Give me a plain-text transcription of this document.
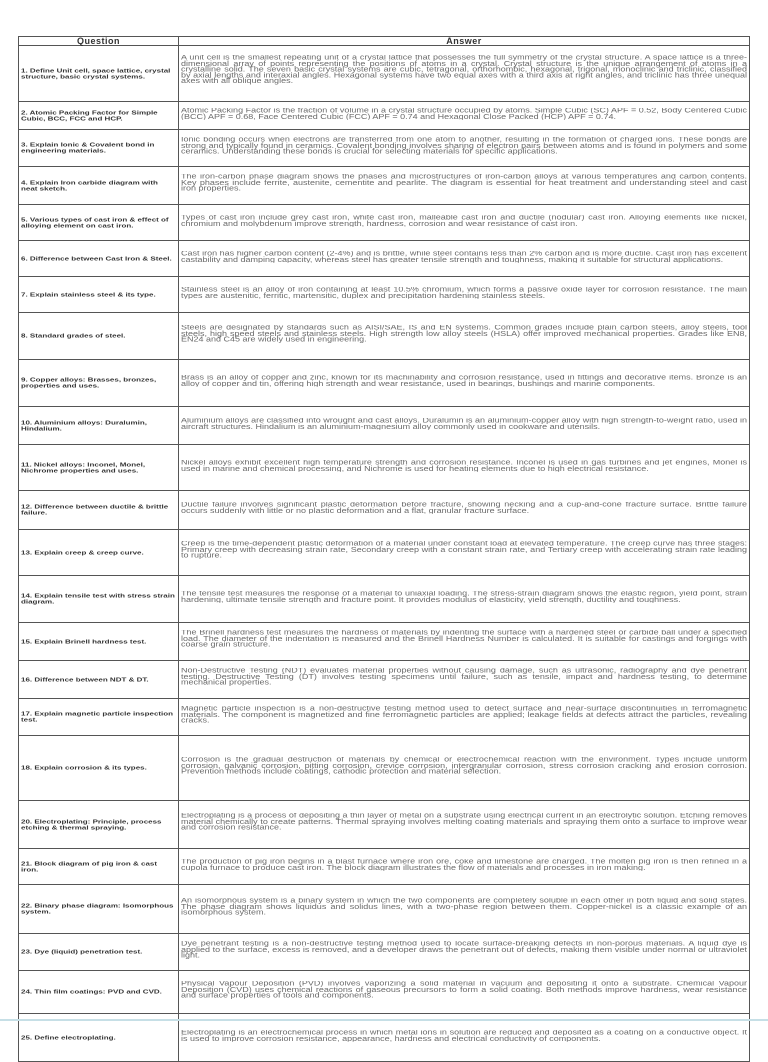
Question	Answer

1. Define Unit cell, space lattice, crystal structure, basic crystal systems.	A unit cell is the smallest repeating unit of a crystal lattice that possesses the full symmetry of the crystal structure. A space lattice is a three-dimensional array of points representing the positions of atoms in a crystal. Crystal structure is the unique arrangement of atoms in a crystalline solid. The seven basic crystal systems are cubic, tetragonal, orthorhombic, hexagonal, trigonal, monoclinic and triclinic, classified by axial lengths and interaxial angles. Hexagonal systems have two equal axes with a third axis at right angles, and triclinic has three unequal axes with all oblique angles.

2. Atomic Packing Factor for Simple Cubic, BCC, FCC and HCP.	Atomic Packing Factor is the fraction of volume in a crystal structure occupied by atoms. Simple Cubic (SC) APF = 0.52, Body Centered Cubic (BCC) APF = 0.68, Face Centered Cubic (FCC) APF = 0.74 and Hexagonal Close Packed (HCP) APF = 0.74.

3. Explain Ionic & Covalent bond in engineering materials.	Ionic bonding occurs when electrons are transferred from one atom to another, resulting in the formation of charged ions. These bonds are strong and typically found in ceramics. Covalent bonding involves sharing of electron pairs between atoms and is found in polymers and some ceramics. Understanding these bonds is crucial for selecting materials for specific applications.

4. Explain Iron carbide diagram with neat sketch.	The iron-carbon phase diagram shows the phases and microstructures of iron-carbon alloys at various temperatures and carbon contents. Key phases include ferrite, austenite, cementite and pearlite. The diagram is essential for heat treatment and understanding steel and cast iron properties.

5. Various types of cast iron & effect of alloying element on cast iron.	Types of cast iron include grey cast iron, white cast iron, malleable cast iron and ductile (nodular) cast iron. Alloying elements like nickel, chromium and molybdenum improve strength, hardness, corrosion and wear resistance of cast iron.

6. Difference between Cast Iron & Steel.	Cast iron has higher carbon content (2-4%) and is brittle, while steel contains less than 2% carbon and is more ductile. Cast iron has excellent castability and damping capacity, whereas steel has greater tensile strength and toughness, making it suitable for structural applications.

7. Explain stainless steel & its type.	Stainless steel is an alloy of iron containing at least 10.5% chromium, which forms a passive oxide layer for corrosion resistance. The main types are austenitic, ferritic, martensitic, duplex and precipitation hardening stainless steels.

8. Standard grades of steel.	Steels are designated by standards such as AISI/SAE, IS and EN systems. Common grades include plain carbon steels, alloy steels, tool steels, high speed steels and stainless steels. High strength low alloy steels (HSLA) offer improved mechanical properties. Grades like EN8, EN24 and C45 are widely used in engineering.

9. Copper alloys: Brasses, bronzes, properties and uses.	Brass is an alloy of copper and zinc, known for its machinability and corrosion resistance, used in fittings and decorative items. Bronze is an alloy of copper and tin, offering high strength and wear resistance, used in bearings, bushings and marine components.

10. Aluminium alloys: Duralumin, Hindalium.	Aluminium alloys are classified into wrought and cast alloys. Duralumin is an aluminium-copper alloy with high strength-to-weight ratio, used in aircraft structures. Hindalium is an aluminium-magnesium alloy commonly used in cookware and utensils.

11. Nickel alloys: Inconel, Monel, Nichrome properties and uses.	Nickel alloys exhibit excellent high temperature strength and corrosion resistance. Inconel is used in gas turbines and jet engines, Monel is used in marine and chemical processing, and Nichrome is used for heating elements due to high electrical resistance.

12. Difference between ductile & brittle failure.	Ductile failure involves significant plastic deformation before fracture, showing necking and a cup-and-cone fracture surface. Brittle failure occurs suddenly with little or no plastic deformation and a flat, granular fracture surface.

13. Explain creep & creep curve.	Creep is the time-dependent plastic deformation of a material under constant load at elevated temperature. The creep curve has three stages: Primary creep with decreasing strain rate, Secondary creep with a constant strain rate, and Tertiary creep with accelerating strain rate leading to rupture.

14. Explain tensile test with stress strain diagram.	The tensile test measures the response of a material to uniaxial loading. The stress-strain diagram shows the elastic region, yield point, strain hardening, ultimate tensile strength and fracture point. It provides modulus of elasticity, yield strength, ductility and toughness.

15. Explain Brinell hardness test.	The Brinell hardness test measures the hardness of materials by indenting the surface with a hardened steel or carbide ball under a specified load. The diameter of the indentation is measured and the Brinell Hardness Number is calculated. It is suitable for castings and forgings with coarse grain structure.

16. Difference between NDT & DT.	Non-Destructive Testing (NDT) evaluates material properties without causing damage, such as ultrasonic, radiography and dye penetrant testing. Destructive Testing (DT) involves testing specimens until failure, such as tensile, impact and hardness testing, to determine mechanical properties.

17. Explain magnetic particle inspection test.	Magnetic particle inspection is a non-destructive testing method used to detect surface and near-surface discontinuities in ferromagnetic materials. The component is magnetized and fine ferromagnetic particles are applied; leakage fields at defects attract the particles, revealing cracks.

18. Explain corrosion & its types.	Corrosion is the gradual destruction of materials by chemical or electrochemical reaction with the environment. Types include uniform corrosion, galvanic corrosion, pitting corrosion, crevice corrosion, intergranular corrosion, stress corrosion cracking and erosion corrosion. Prevention methods include coatings, cathodic protection and material selection.

20. Electroplating: Principle, process etching & thermal spraying.	Electroplating is a process of depositing a thin layer of metal on a substrate using electrical current in an electrolytic solution. Etching removes material chemically to create patterns. Thermal spraying involves melting coating materials and spraying them onto a surface to improve wear and corrosion resistance.

21. Block diagram of pig iron & cast iron.	The production of pig iron begins in a blast furnace where iron ore, coke and limestone are charged. The molten pig iron is then refined in a cupola furnace to produce cast iron. The block diagram illustrates the flow of materials and processes in iron making.

22. Binary phase diagram: Isomorphous system.	An isomorphous system is a binary system in which the two components are completely soluble in each other in both liquid and solid states. The phase diagram shows liquidus and solidus lines, with a two-phase region between them. Copper-nickel is a classic example of an isomorphous system.

23. Dye (liquid) penetration test.	Dye penetrant testing is a non-destructive testing method used to locate surface-breaking defects in non-porous materials. A liquid dye is applied to the surface, excess is removed, and a developer draws the penetrant out of defects, making them visible under normal or ultraviolet light.

24. Thin film coatings: PVD and CVD.	Physical Vapour Deposition (PVD) involves vaporizing a solid material in vacuum and depositing it onto a substrate. Chemical Vapour Deposition (CVD) uses chemical reactions of gaseous precursors to form a solid coating. Both methods improve hardness, wear resistance and surface properties of tools and components.

25. Define electroplating.	Electroplating is an electrochemical process in which metal ions in solution are reduced and deposited as a coating on a conductive object. It is used to improve corrosion resistance, appearance, hardness and electrical conductivity of components.
